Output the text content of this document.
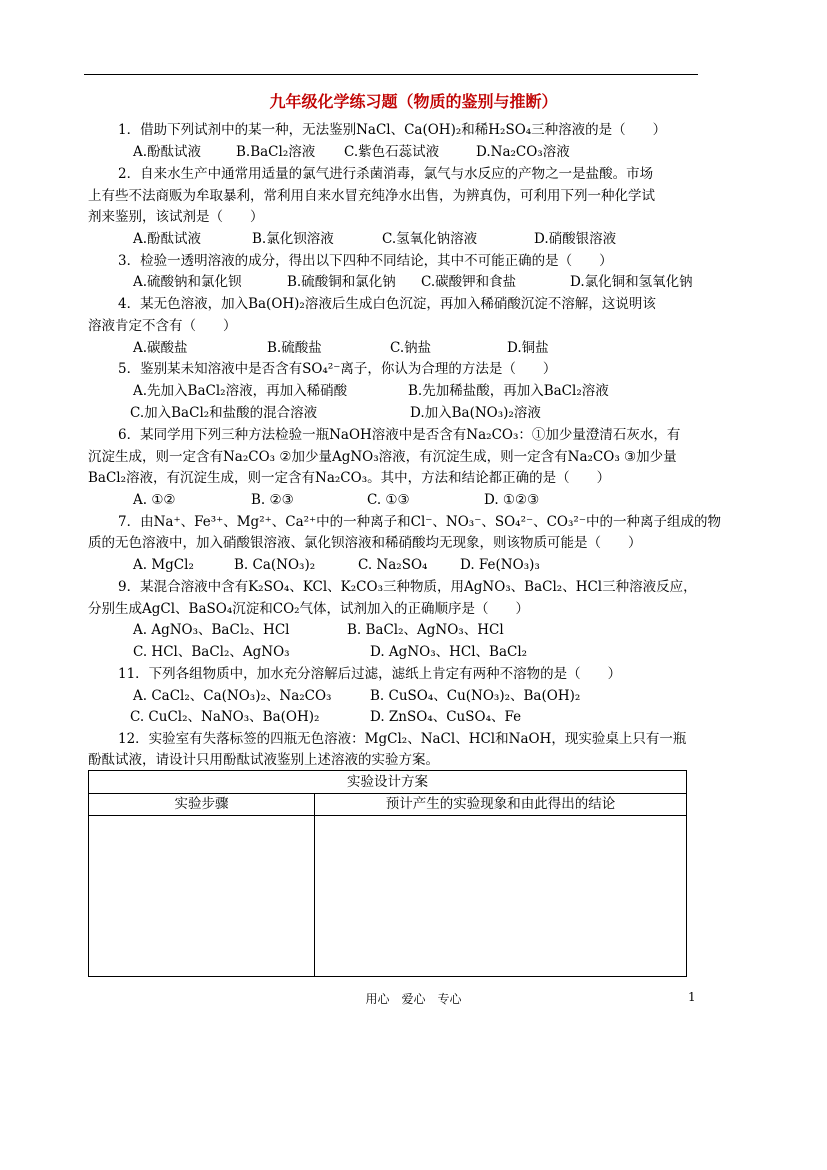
九年级化学练习题（物质的鉴别与推断）
1．借助下列试剂中的某一种，无法鉴别NaCl、Ca(OH)₂和稀H₂SO₄三种溶液的是（　　）
A.酚酞试液	B.BaCl₂溶液 C.紫色石蕊试液	D.Na₂CO₃溶液
2．自来水生产中通常用适量的氯气进行杀菌消毒，氯气与水反应的产物之一是盐酸。市场
上有些不法商贩为牟取暴利，常利用自来水冒充纯净水出售，为辨真伪，可利用下列一种化学试
剂来鉴别，该试剂是（　　）
A.酚酞试液	B.氯化钡溶液	C.氢氧化钠溶液	D.硝酸银溶液
3．检验一透明溶液的成分，得出以下四种不同结论，其中不可能正确的是（　　）
A.硫酸钠和氯化钡	B.硫酸铜和氯化钠 C.碳酸钾和食盐	D.氯化铜和氢氧化钠
4．某无色溶液，加入Ba(OH)₂溶液后生成白色沉淀，再加入稀硝酸沉淀不溶解，这说明该
溶液肯定不含有（　　）
A.碳酸盐	B.硫酸盐	C.钠盐	D.铜盐
5．鉴别某未知溶液中是否含有SO₄²⁻离子，你认为合理的方法是（　　）
A.先加入BaCl₂溶液，再加入稀硝酸	B.先加稀盐酸，再加入BaCl₂溶液
C.加入BaCl₂和盐酸的混合溶液	D.加入Ba(NO₃)₂溶液
6．某同学用下列三种方法检验一瓶NaOH溶液中是否含有Na₂CO₃：①加少量澄清石灰水，有
沉淀生成，则一定含有Na₂CO₃ ②加少量AgNO₃溶液，有沉淀生成，则一定含有Na₂CO₃ ③加少量
BaCl₂溶液，有沉淀生成，则一定含有Na₂CO₃。其中，方法和结论都正确的是（　　）
A. ①②	B. ②③	C. ①③	D. ①②③
7．由Na⁺、Fe³⁺、Mg²⁺、Ca²⁺中的一种离子和Cl⁻、NO₃⁻、SO₄²⁻、CO₃²⁻中的一种离子组成的物
质的无色溶液中，加入硝酸银溶液、氯化钡溶液和稀硝酸均无现象，则该物质可能是（　　）
A. MgCl₂	B. Ca(NO₃)₂	C. Na₂SO₄ D. Fe(NO₃)₃
9．某混合溶液中含有K₂SO₄、KCl、K₂CO₃三种物质，用AgNO₃、BaCl₂、HCl三种溶液反应，
分别生成AgCl、BaSO₄沉淀和CO₂气体，试剂加入的正确顺序是（　　）
A. AgNO₃、BaCl₂、HCl	B. BaCl₂、AgNO₃、HCl
C. HCl、BaCl₂、AgNO₃	D. AgNO₃、HCl、BaCl₂
11．下列各组物质中，加水充分溶解后过滤，滤纸上肯定有两种不溶物的是（　　）
A. CaCl₂、Ca(NO₃)₂、Na₂CO₃	B. CuSO₄、Cu(NO₃)₂、Ba(OH)₂
C. CuCl₂、NaNO₃、Ba(OH)₂	D. ZnSO₄、CuSO₄、Fe
12．实验室有失落标签的四瓶无色溶液：MgCl₂、NaCl、HCl和NaOH，现实验桌上只有一瓶
酚酞试液，请设计只用酚酞试液鉴别上述溶液的实验方案。
实验设计方案
实验步骤	预计产生的实验现象和由此得出的结论
用心　爱心　专心	1
